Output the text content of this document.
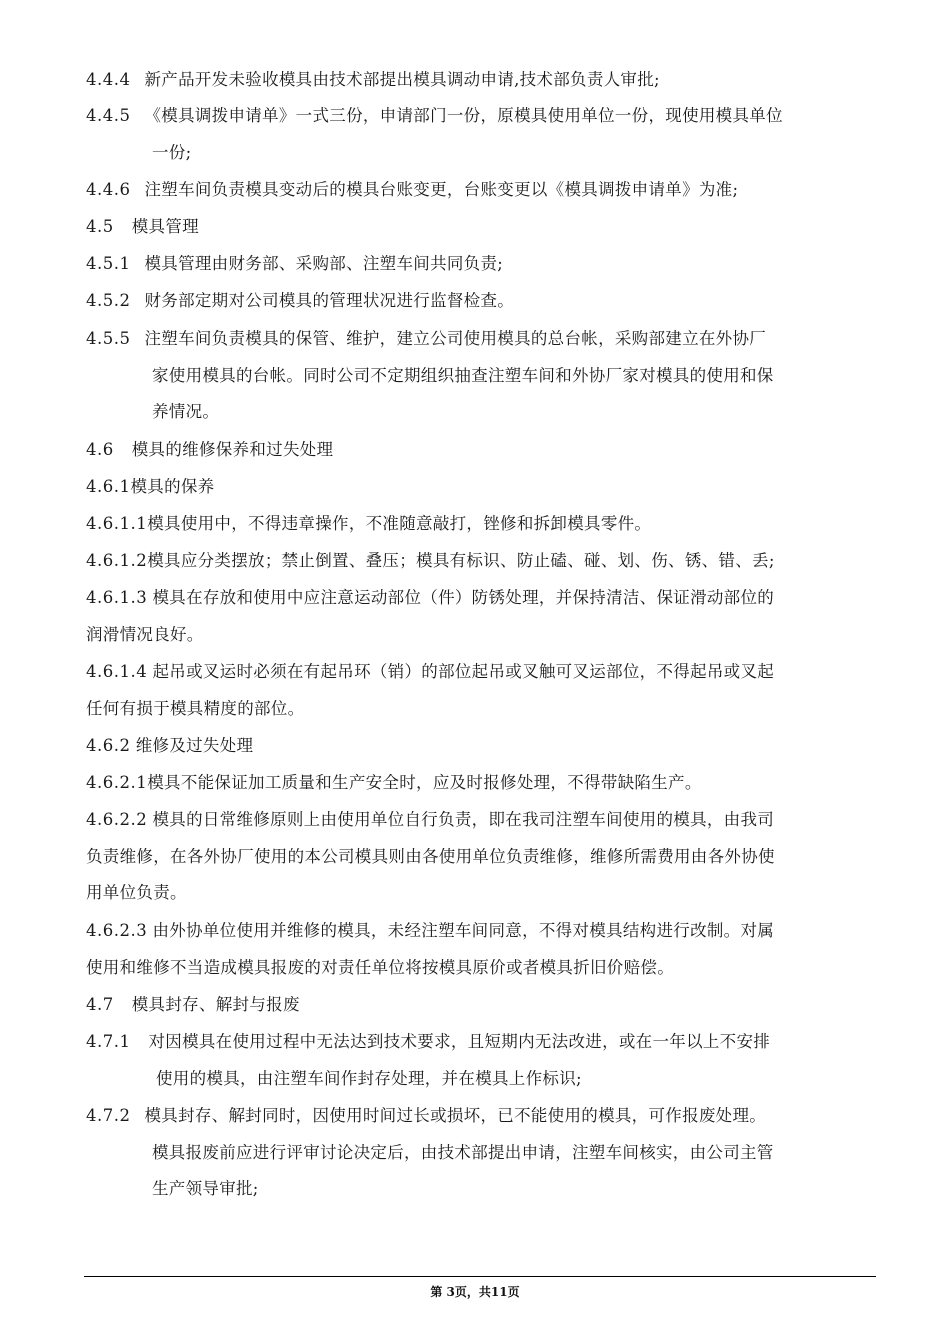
4.4.4 新产品开发未验收模具由技术部提出模具调动申请,技术部负责人审批;
4.4.5 《模具调拨申请单》一式三份，申请部门一份，原模具使用单位一份，现使用模具单位
一份;
4.4.6 注塑车间负责模具变动后的模具台账变更，台账变更以《模具调拨申请单》为准;
4.5 模具管理
4.5.1 模具管理由财务部、采购部、注塑车间共同负责;
4.5.2 财务部定期对公司模具的管理状况进行监督检查。
4.5.5 注塑车间负责模具的保管、维护，建立公司使用模具的总台帐，采购部建立在外协厂
家使用模具的台帐。同时公司不定期组织抽查注塑车间和外协厂家对模具的使用和保
养情况。
4.6 模具的维修保养和过失处理
4.6.1模具的保养
4.6.1.1模具使用中，不得违章操作，不准随意敲打，锉修和拆卸模具零件。
4.6.1.2模具应分类摆放；禁止倒置、叠压；模具有标识、防止磕、碰、划、伤、锈、错、丢;
4.6.1.3 模具在存放和使用中应注意运动部位（件）防锈处理，并保持清洁、保证滑动部位的
润滑情况良好。
4.6.1.4 起吊或叉运时必须在有起吊环（销）的部位起吊或叉触可叉运部位，不得起吊或叉起
任何有损于模具精度的部位。
4.6.2 维修及过失处理
4.6.2.1模具不能保证加工质量和生产安全时，应及时报修处理，不得带缺陷生产。
4.6.2.2 模具的日常维修原则上由使用单位自行负责，即在我司注塑车间使用的模具，由我司
负责维修，在各外协厂使用的本公司模具则由各使用单位负责维修，维修所需费用由各外协使
用单位负责。
4.6.2.3 由外协单位使用并维修的模具，未经注塑车间同意，不得对模具结构进行改制。对属
使用和维修不当造成模具报废的对责任单位将按模具原价或者模具折旧价赔偿。
4.7 模具封存、解封与报废
4.7.1 对因模具在使用过程中无法达到技术要求，且短期内无法改进，或在一年以上不安排
使用的模具，由注塑车间作封存处理，并在模具上作标识;
4.7.2 模具封存、解封同时，因使用时间过长或损坏，已不能使用的模具，可作报废处理。
模具报废前应进行评审讨论决定后，由技术部提出申请，注塑车间核实，由公司主管
生产领导审批;
第 3页，共11页
